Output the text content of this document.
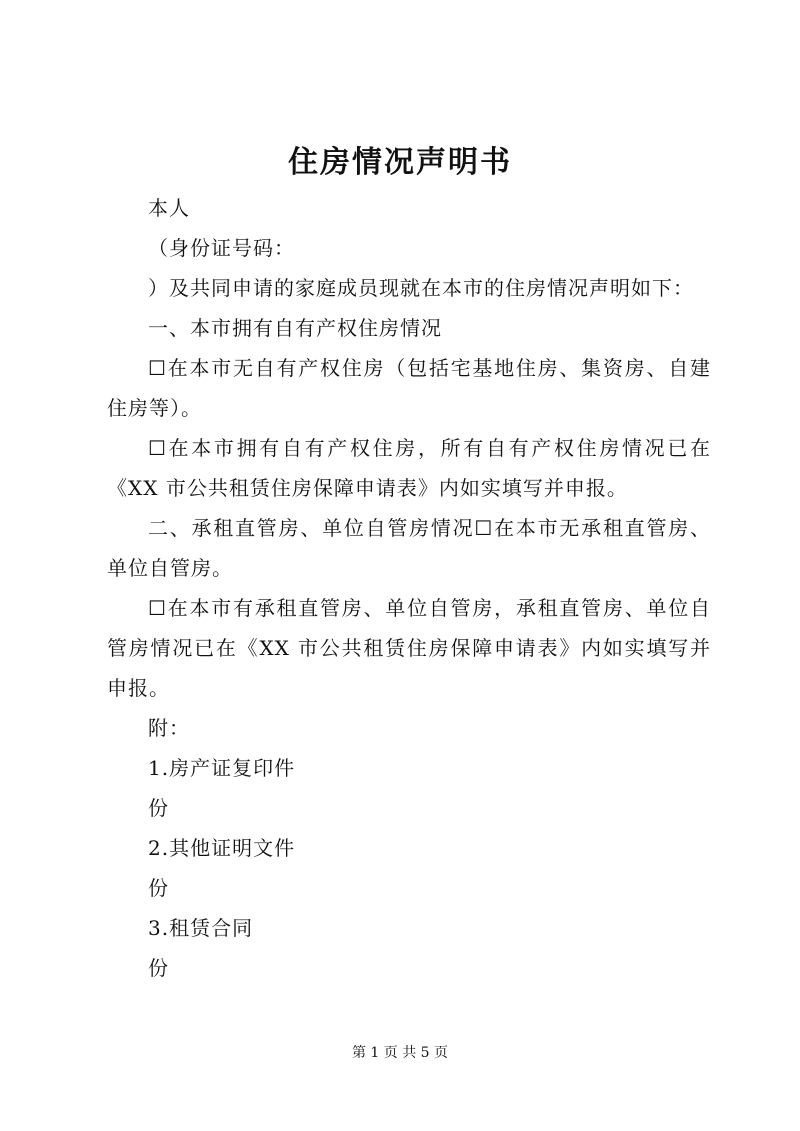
住房情况声明书

本人

（身份证号码：

）及共同申请的家庭成员现就在本市的住房情况声明如下：

一、本市拥有自有产权住房情况

☐在本市无自有产权住房（包括宅基地住房、集资房、自建住房等）。

☐在本市拥有自有产权住房，所有自有产权住房情况已在《XX 市公共租赁住房保障申请表》内如实填写并申报。

二、承租直管房、单位自管房情况☐在本市无承租直管房、单位自管房。

☐在本市有承租直管房、单位自管房，承租直管房、单位自管房情况已在《XX 市公共租赁住房保障申请表》内如实填写并申报。

附：

1.房产证复印件

份

2.其他证明文件

份

3.租赁合同

份

第 1 页 共 5 页
